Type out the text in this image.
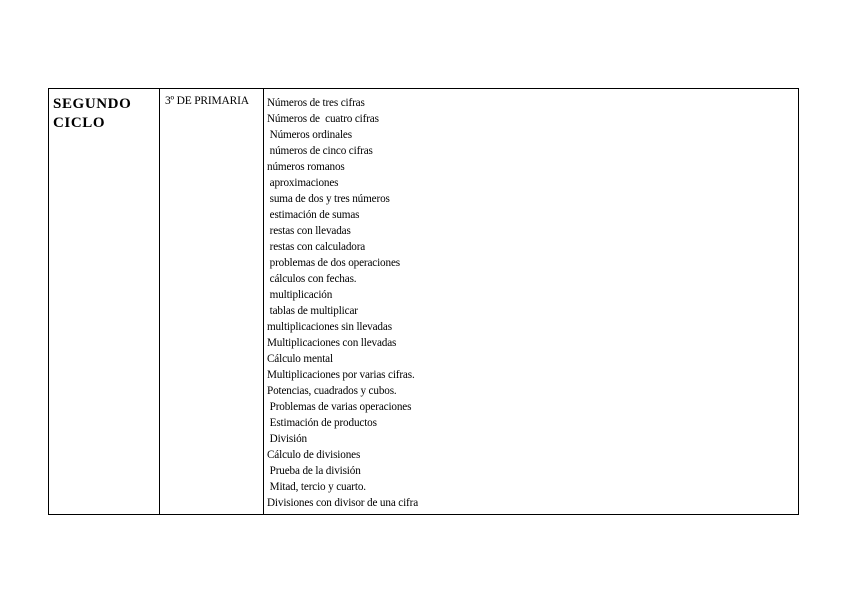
SEGUNDO
CICLO
3º DE PRIMARIA	Números de tres cifras
Números de  cuatro cifras
Números ordinales
números de cinco cifras
números romanos
aproximaciones
suma de dos y tres números
estimación de sumas
restas con llevadas
restas con calculadora
problemas de dos operaciones
cálculos con fechas.
multiplicación
tablas de multiplicar
multiplicaciones sin llevadas
Multiplicaciones con llevadas
Cálculo mental
Multiplicaciones por varias cifras.
Potencias, cuadrados y cubos.
Problemas de varias operaciones
Estimación de productos
División
Cálculo de divisiones
Prueba de la división
Mitad, tercio y cuarto.
Divisiones con divisor de una cifra
